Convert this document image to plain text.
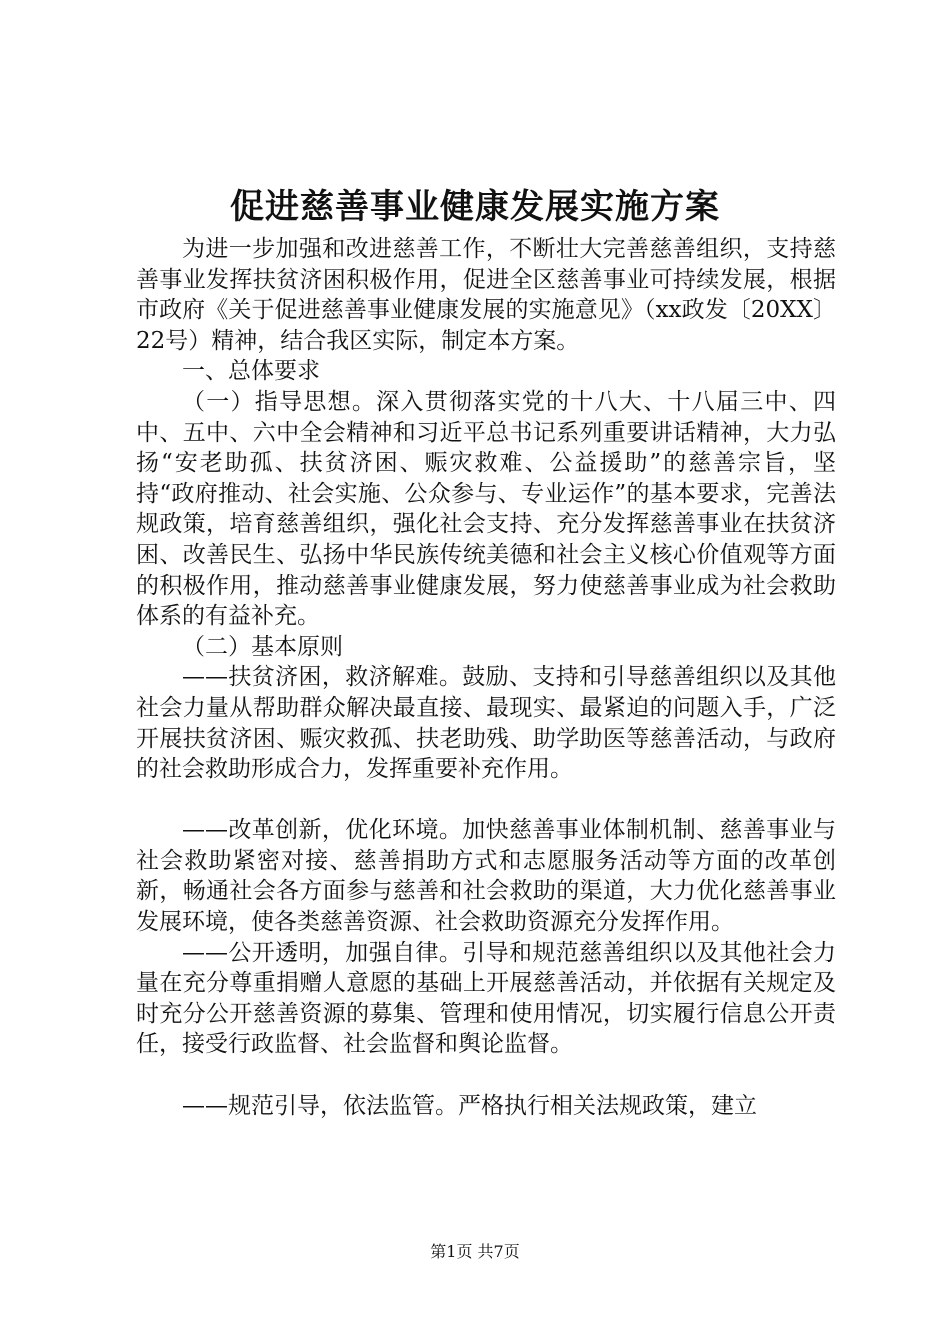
促进慈善事业健康发展实施方案

为进一步加强和改进慈善工作，不断壮大完善慈善组织，支持慈善事业发挥扶贫济困积极作用，促进全区慈善事业可持续发展，根据市政府《关于促进慈善事业健康发展的实施意见》（xx政发〔20XX〕22号）精神，结合我区实际，制定本方案。

一、总体要求

（一）指导思想。深入贯彻落实党的十八大、十八届三中、四中、五中、六中全会精神和习近平总书记系列重要讲话精神，大力弘扬“安老助孤、扶贫济困、赈灾救难、公益援助”的慈善宗旨，坚持“政府推动、社会实施、公众参与、专业运作”的基本要求，完善法规政策，培育慈善组织，强化社会支持、充分发挥慈善事业在扶贫济困、改善民生、弘扬中华民族传统美德和社会主义核心价值观等方面的积极作用，推动慈善事业健康发展，努力使慈善事业成为社会救助体系的有益补充。

（二）基本原则

——扶贫济困，救济解难。鼓励、支持和引导慈善组织以及其他社会力量从帮助群众解决最直接、最现实、最紧迫的问题入手，广泛开展扶贫济困、赈灾救孤、扶老助残、助学助医等慈善活动，与政府的社会救助形成合力，发挥重要补充作用。

——改革创新，优化环境。加快慈善事业体制机制、慈善事业与社会救助紧密对接、慈善捐助方式和志愿服务活动等方面的改革创新，畅通社会各方面参与慈善和社会救助的渠道，大力优化慈善事业发展环境，使各类慈善资源、社会救助资源充分发挥作用。

——公开透明，加强自律。引导和规范慈善组织以及其他社会力量在充分尊重捐赠人意愿的基础上开展慈善活动，并依据有关规定及时充分公开慈善资源的募集、管理和使用情况，切实履行信息公开责任，接受行政监督、社会监督和舆论监督。

——规范引导，依法监管。严格执行相关法规政策，建立

第1页 共7页
